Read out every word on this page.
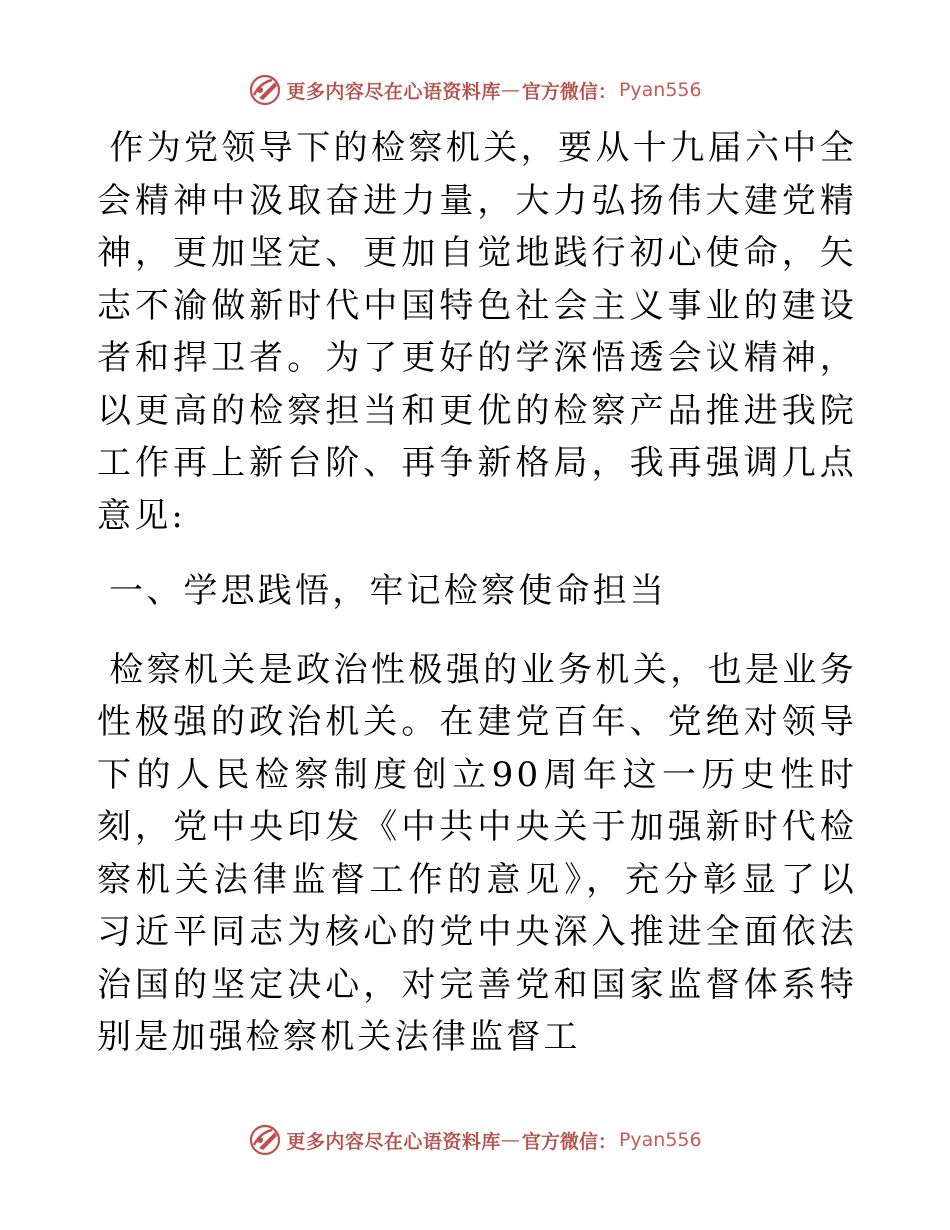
更多内容尽在心语资料库 — 官方微信： Pyan556

作为党领导下的检察机关，要从十九届六中全会精神中汲取奋进力量，大力弘扬伟大建党精神，更加坚定、更加自觉地践行初心使命，矢志不渝做新时代中国特色社会主义事业的建设者和捍卫者。为了更好的学深悟透会议精神，以更高的检察担当和更优的检察产品推进我院工作再上新台阶、再争新格局，我再强调几点意见:

一、学思践悟，牢记检察使命担当

检察机关是政治性极强的业务机关，也是业务性极强的政治机关。在建党百年、党绝对领导下的人民检察制度创立90周年这一历史性时刻，党中央印发《中共中央关于加强新时代检察机关法律监督工作的意见》，充分彰显了以习近平同志为核心的党中央深入推进全面依法治国的坚定决心，对完善党和国家监督体系特别是加强检察机关法律监督工

更多内容尽在心语资料库 — 官方微信： Pyan556
